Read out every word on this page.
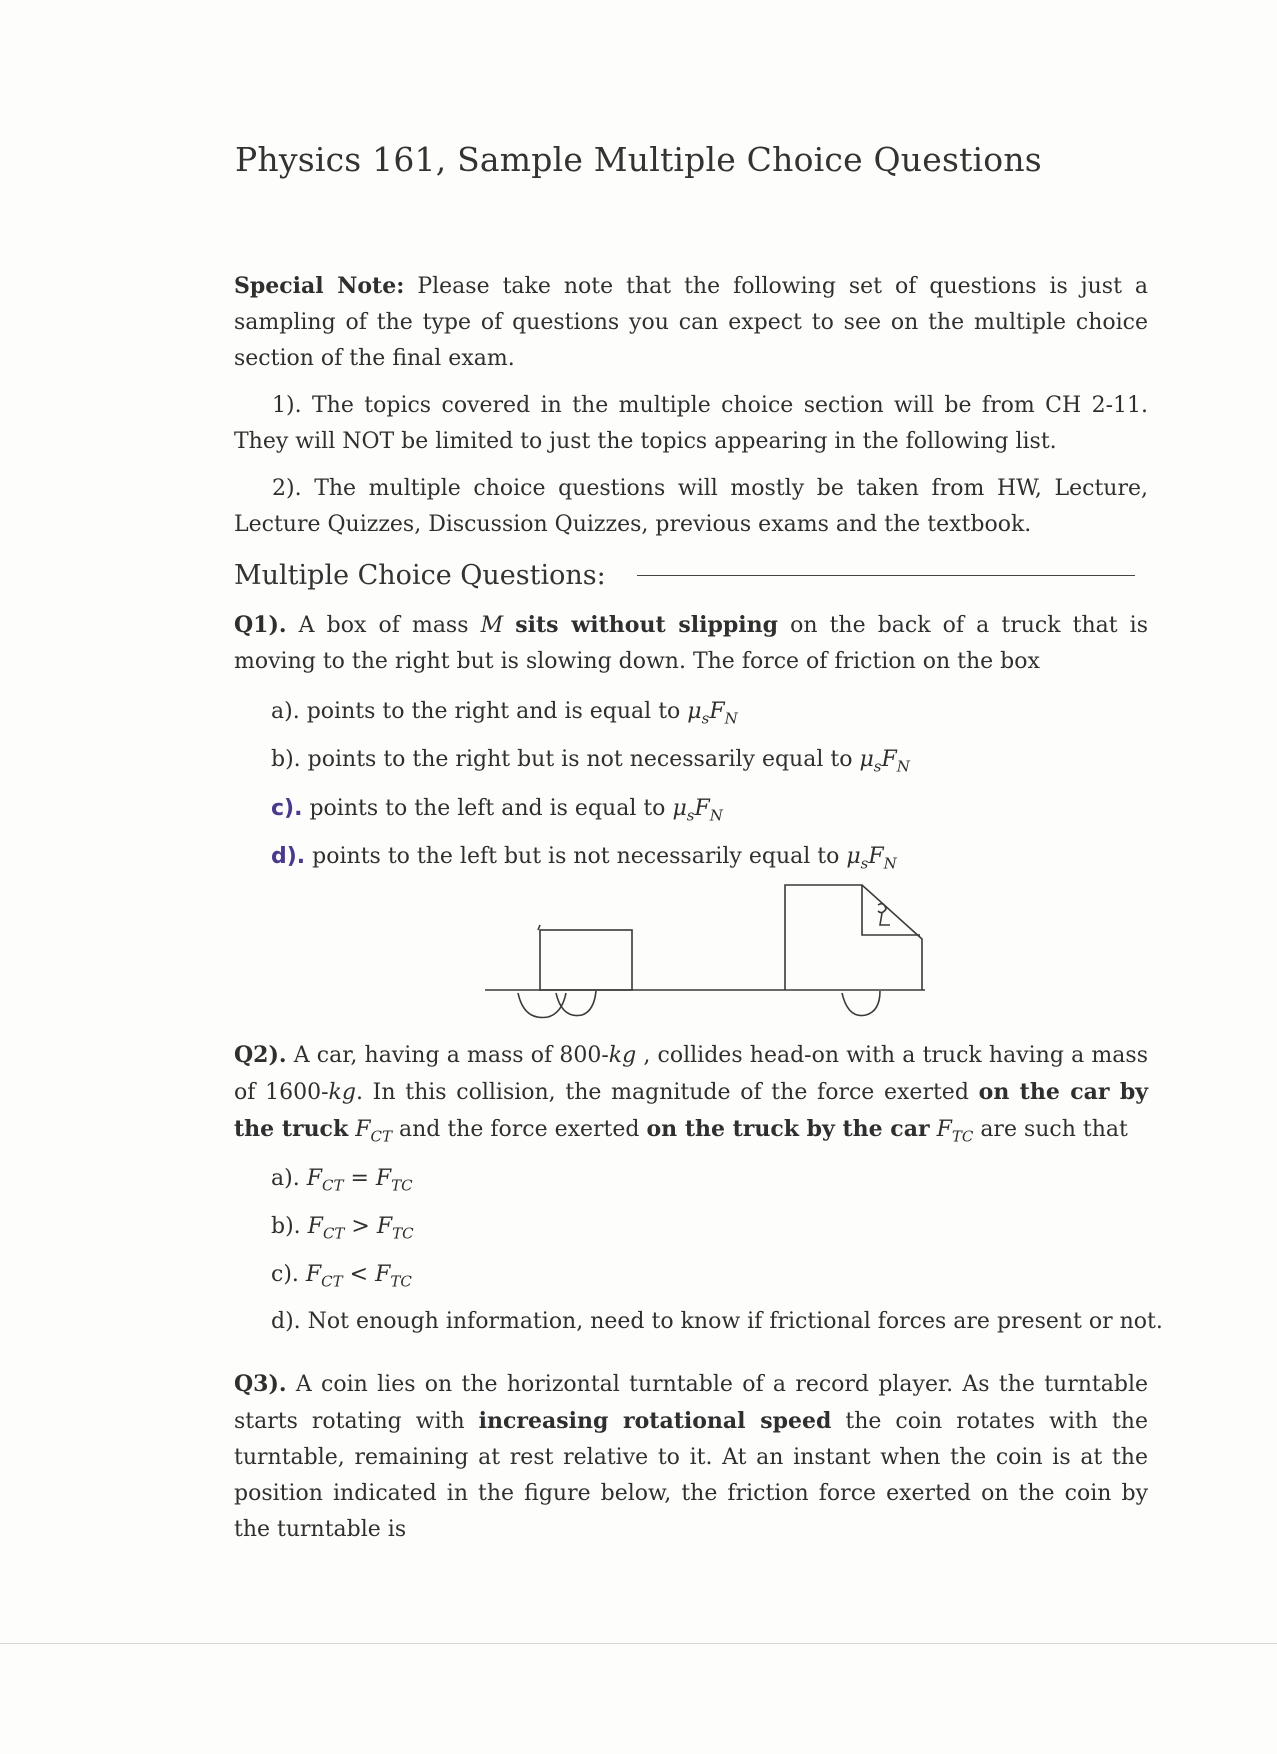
Physics 161, Sample Multiple Choice Questions
Special Note: Please take note that the following set of questions is just a sampling of the type of questions you can expect to see on the multiple choice section of the final exam.
1). The topics covered in the multiple choice section will be from CH 2-11. They will NOT be limited to just the topics appearing in the following list.
2). The multiple choice questions will mostly be taken from HW, Lecture, Lecture Quizzes, Discussion Quizzes, previous exams and the textbook.
Multiple Choice Questions:
Q1). A box of mass M sits without slipping on the back of a truck that is moving to the right but is slowing down. The force of friction on the box
a). points to the right and is equal to $\mu_sF_N$
b). points to the right but is not necessarily equal to $\mu_sF_N$
c). points to the left and is equal to $\mu_sF_N$
d). points to the left but is not necessarily equal to $\mu_sF_N$
Q2). A car, having a mass of 800-kg , collides head-on with a truck having a mass of 1600-kg. In this collision, the magnitude of the force exerted on the car by the truck $F_{CT}$ and the force exerted on the truck by the car $F_{TC}$ are such that
a). $F_{CT} = F_{TC}$
b). $F_{CT} > F_{TC}$
c). $F_{CT} < F_{TC}$
d). Not enough information, need to know if frictional forces are present or not.
Q3). A coin lies on the horizontal turntable of a record player. As the turntable starts rotating with increasing rotational speed the coin rotates with the turntable, remaining at rest relative to it. At an instant when the coin is at the position indicated in the figure below, the friction force exerted on the coin by the turntable is
